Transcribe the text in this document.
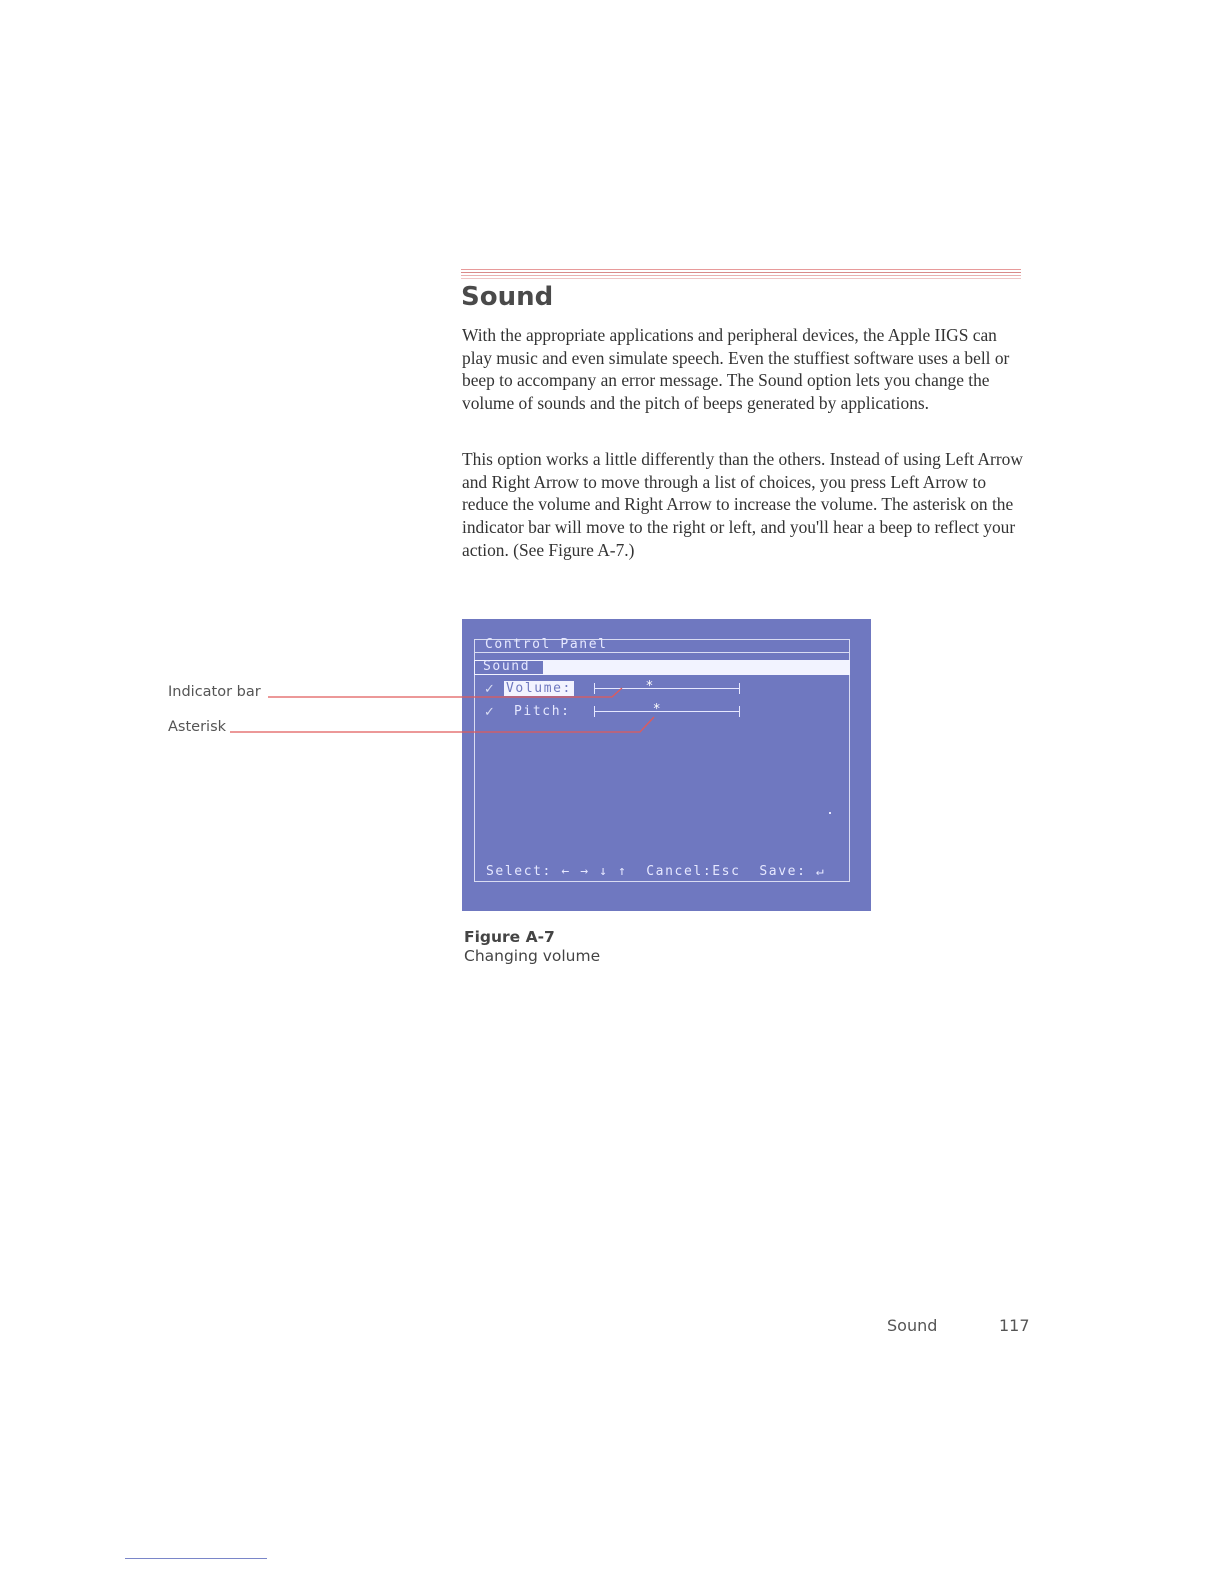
Sound

With the appropriate applications and peripheral devices, the Apple IIGS can play music and even simulate speech. Even the stuffiest software uses a bell or beep to accompany an error message. The Sound option lets you change the volume of sounds and the pitch of beeps generated by applications.

This option works a little differently than the others. Instead of using Left Arrow and Right Arrow to move through a list of choices, you press Left Arrow to reduce the volume and Right Arrow to increase the volume. The asterisk on the indicator bar will move to the right or left, and you'll hear a beep to reflect your action. (See Figure A-7.)

Indicator bar
Asterisk
Control Panel
Sound
✓ Volume:	*
✓ Pitch:	*
Select: ← → ↓ ↑  Cancel:Esc  Save: ↵
Figure A-7
Changing volume
Sound	117
